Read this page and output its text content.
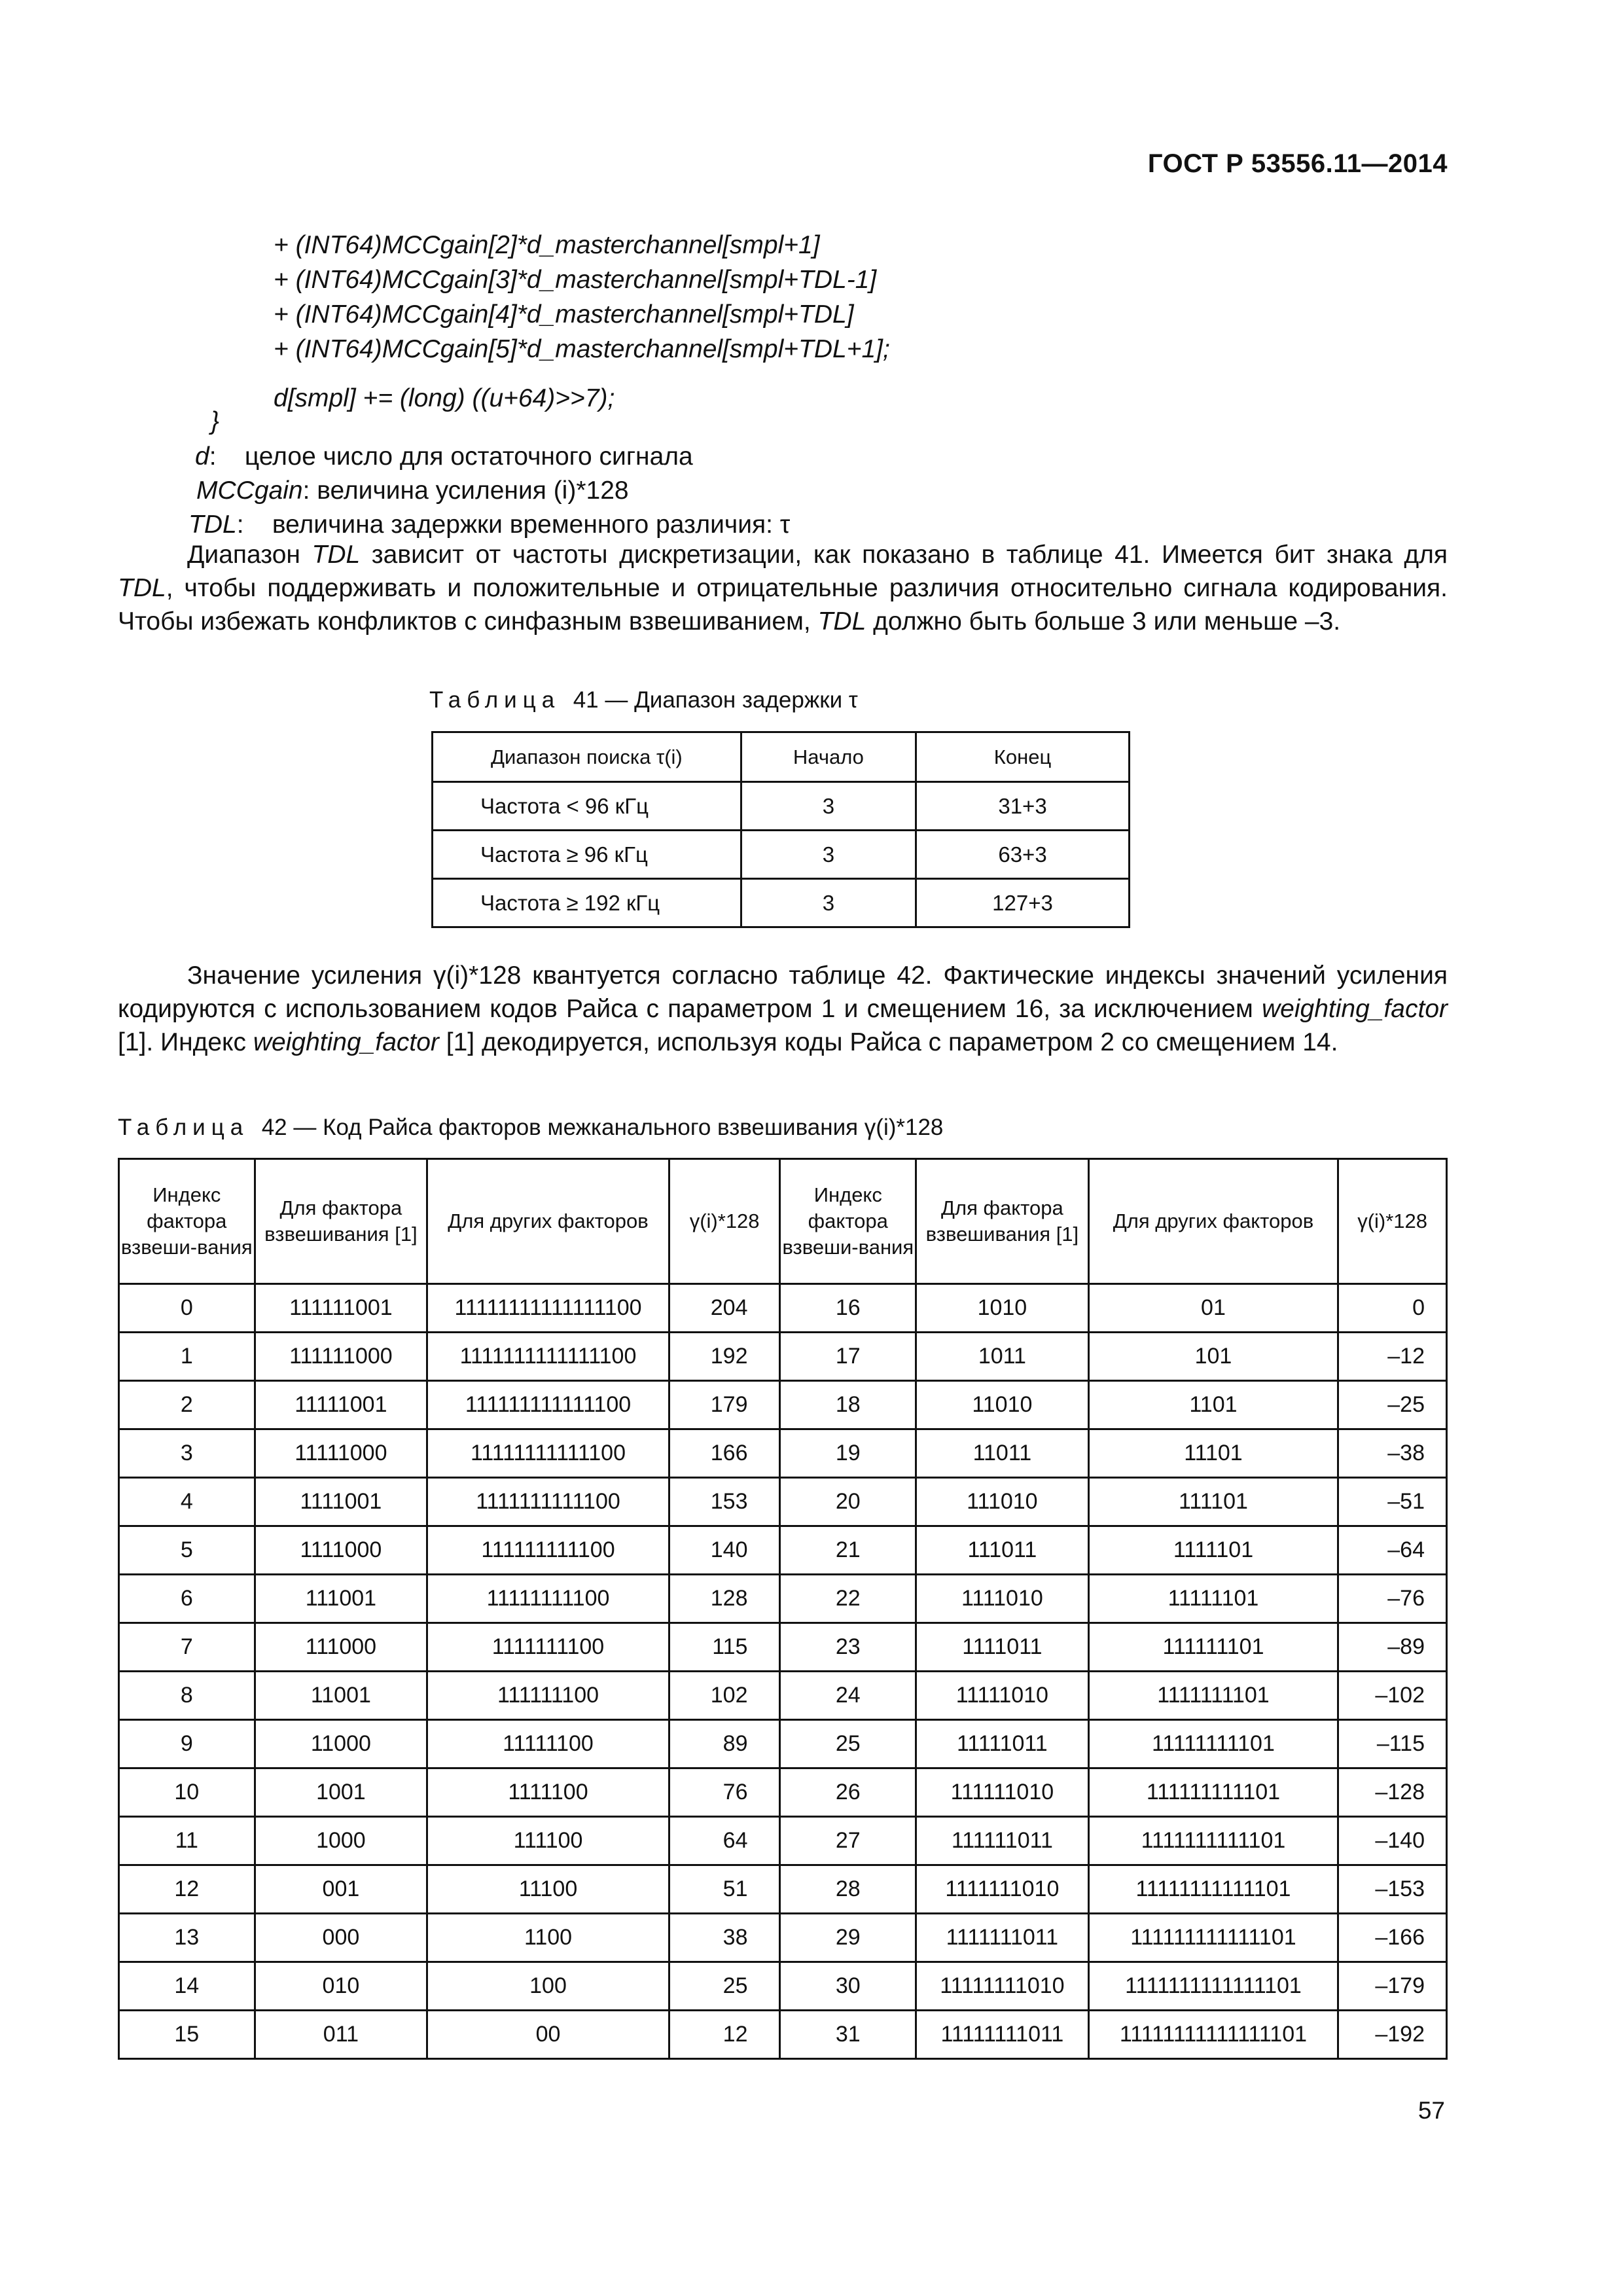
ГОСТ Р 53556.11—2014
+ (INT64)MCCgain[2]*d_masterchannel[smpl+1]
+ (INT64)MCCgain[3]*d_masterchannel[smpl+TDL-1]
+ (INT64)MCCgain[4]*d_masterchannel[smpl+TDL]
+ (INT64)MCCgain[5]*d_masterchannel[smpl+TDL+1];
d[smpl] += (long) ((u+64)>>7);
}
d:    целое число для остаточного сигнала
MCCgain: величина усиления (i)*128
TDL:    величина задержки временного различия: τ
Диапазон TDL зависит от частоты дискретизации, как показано в таблице 41. Имеется бит знака для TDL, чтобы поддерживать и положительные и отрицательные различия относительно сигнала кодирования. Чтобы избежать конфликтов с синфазным взвешиванием, TDL должно быть больше 3 или меньше –3.
Таблица 41 — Диапазон задержки τ
Диапазон поиска τ(i)	Начало	Конец
Частота < 96 кГц	3	31+3
Частота ≥ 96 кГц	3	63+3
Частота ≥ 192 кГц	3	127+3
Значение усиления γ(i)*128 квантуется согласно таблице 42. Фактические индексы значений усиления кодируются с использованием кодов Райса с параметром 1 и смещением 16, за исключением weighting_factor [1]. Индекс weighting_factor [1] декодируется, используя коды Райса с параметром 2 со смещением 14.
Таблица 42 — Код Райса факторов межканального взвешивания γ(i)*128
Индекс фактора взвеши-вания	Для фактора взвешивания [1]	Для других факторов	γ(i)*128	Индекс фактора взвеши-вания	Для фактора взвешивания [1]	Для других факторов	γ(i)*128
0	111111001	11111111111111100	204	16	1010	01	0
1	111111000	1111111111111100	192	17	1011	101	–12
2	11111001	111111111111100	179	18	11010	1101	–25
3	11111000	11111111111100	166	19	11011	11101	–38
4	1111001	1111111111100	153	20	111010	111101	–51
5	1111000	111111111100	140	21	111011	1111101	–64
6	111001	11111111100	128	22	1111010	11111101	–76
7	111000	1111111100	115	23	1111011	111111101	–89
8	11001	111111100	102	24	11111010	1111111101	–102
9	11000	11111100	89	25	11111011	11111111101	–115
10	1001	1111100	76	26	111111010	111111111101	–128
11	1000	111100	64	27	111111011	1111111111101	–140
12	001	11100	51	28	1111111010	11111111111101	–153
13	000	1100	38	29	1111111011	111111111111101	–166
14	010	100	25	30	11111111010	1111111111111101	–179
15	011	00	12	31	11111111011	11111111111111101	–192
57
